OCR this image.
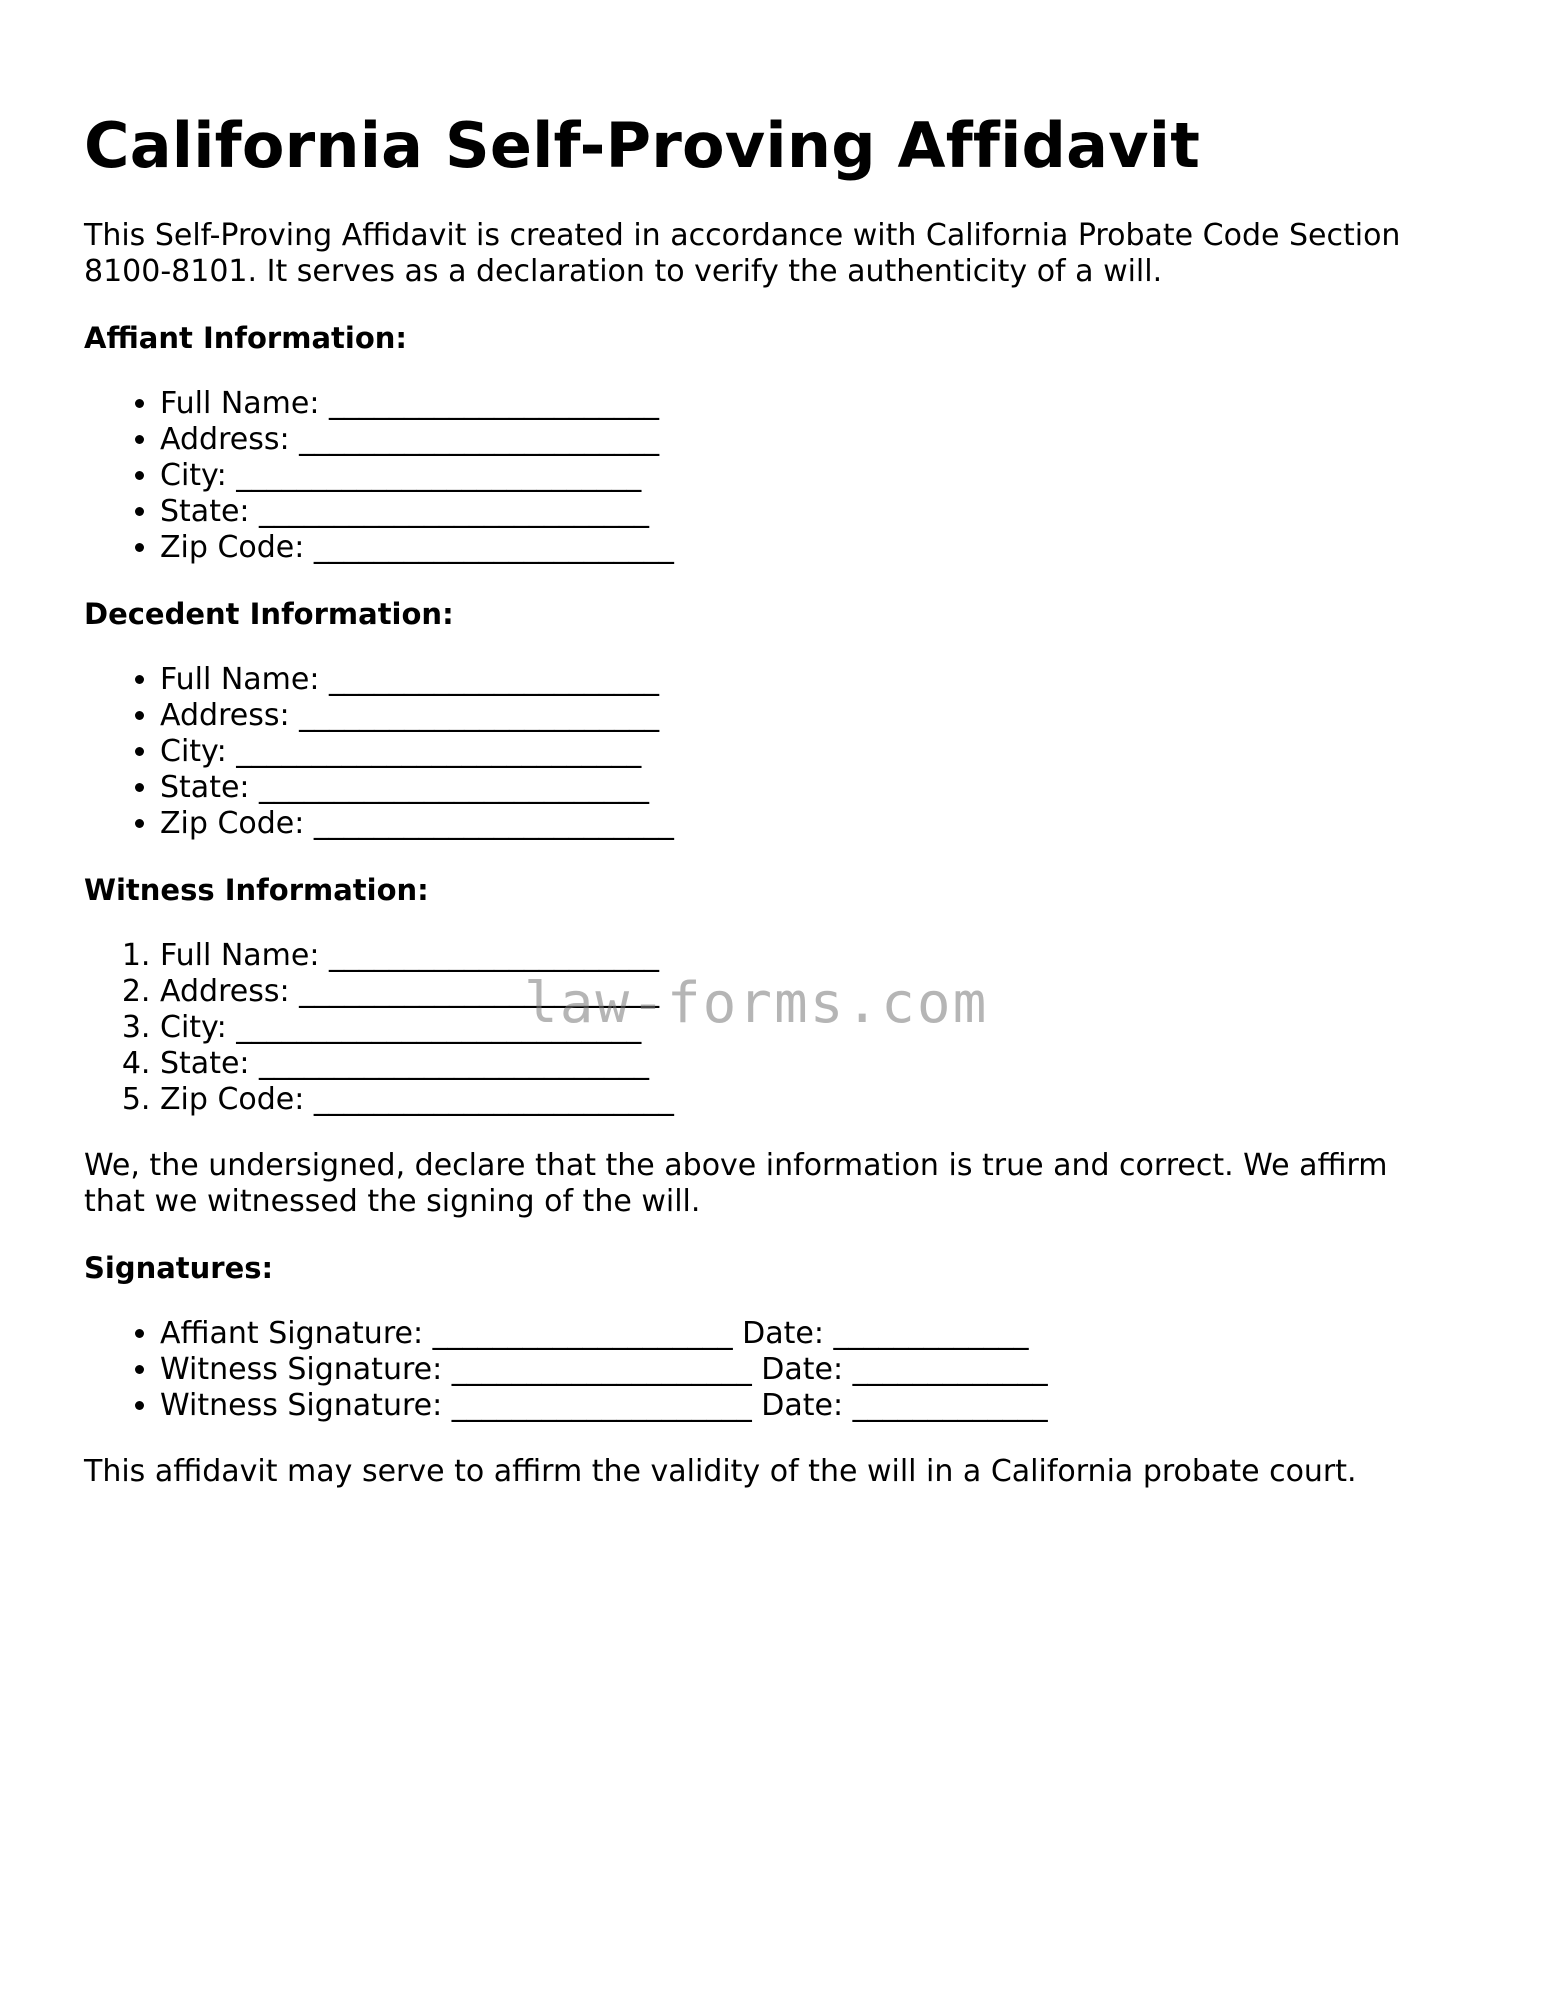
California Self-Proving Affidavit

This Self-Proving Affidavit is created in accordance with California Probate Code Section 8100-8101. It serves as a declaration to verify the authenticity of a will.

Affiant Information:
• Full Name: ______________________
• Address: ________________________
• City: ___________________________
• State: __________________________
• Zip Code: ________________________
Decedent Information:
• Full Name: ______________________
• Address: ________________________
• City: ___________________________
• State: __________________________
• Zip Code: ________________________
Witness Information:
1. Full Name: ______________________
2. Address: ________________________
3. City: ___________________________
4. State: __________________________
5. Zip Code: ________________________

We, the undersigned, declare that the above information is true and correct. We affirm that we witnessed the signing of the will.

Signatures:
• Affiant Signature: ____________________ Date: _____________
• Witness Signature: ____________________ Date: _____________
• Witness Signature: ____________________ Date: _____________

This affidavit may serve to affirm the validity of the will in a California probate court.

law-forms.com
